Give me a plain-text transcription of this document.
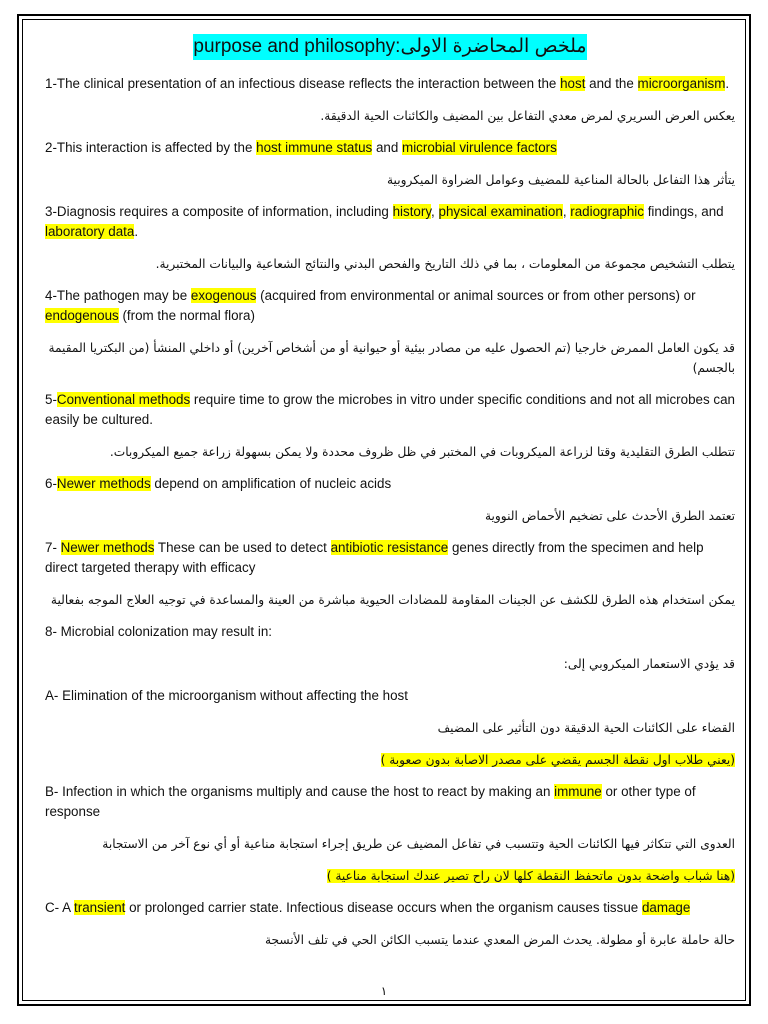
purpose and philosophy:ملخص المحاضرة الاولى

1-The clinical presentation of an infectious disease reflects the interaction between the host and the microorganism.

يعكس العرض السريري لمرض معدي التفاعل بين المضيف والكائنات الحية الدقيقة.

2-This interaction is affected by the host immune status and microbial virulence factors

يتأثر هذا التفاعل بالحالة المناعية للمضيف وعوامل الضراوة الميكروبية

3-Diagnosis requires a composite of information, including history, physical examination, radiographic findings, and laboratory data.

يتطلب التشخيص مجموعة من المعلومات ، بما في ذلك التاريخ والفحص البدني والنتائج الشعاعية والبيانات المختبرية.

4-The pathogen may be exogenous (acquired from environmental or animal sources or from other persons) or endogenous (from the normal flora)

قد يكون العامل الممرض خارجيا (تم الحصول عليه من مصادر بيئية أو حيوانية أو من أشخاص آخرين) أو داخلي المنشأ (من البكتريا المقيمة بالجسم)

5-Conventional methods require time to grow the microbes in vitro under specific conditions and not all microbes can easily be cultured.

تتطلب الطرق التقليدية وقتا لزراعة الميكروبات في المختبر في ظل ظروف محددة ولا يمكن بسهولة زراعة جميع الميكروبات.

6-Newer methods depend on amplification of nucleic acids

تعتمد الطرق الأحدث على تضخيم الأحماض النووية

7- Newer methods These can be used to detect antibiotic resistance genes directly from the specimen and help direct targeted therapy with efficacy

يمكن استخدام هذه الطرق للكشف عن الجينات المقاومة للمضادات الحيوية مباشرة من العينة والمساعدة في توجيه العلاج الموجه بفعالية

8- Microbial colonization may result in:

قد يؤدي الاستعمار الميكروبي إلى:

A- Elimination of the microorganism without affecting the host

القضاء على الكائنات الحية الدقيقة دون التأثير على المضيف

(يعني طلاب اول نقطة الجسم يقضي على مصدر الاصابة بدون صعوبة )

B- Infection in which the organisms multiply and cause the host to react by making an immune or other type of response

العدوى التي تتكاثر فيها الكائنات الحية وتتسبب في تفاعل المضيف عن طريق إجراء استجابة مناعية أو أي نوع آخر من الاستجابة

(هنا شباب واضحة بدون ماتحفظ النقطة كلها لان راح تصير عندك استجابة مناعية )

C- A transient or prolonged carrier state. Infectious disease occurs when the organism causes tissue damage

حالة حاملة عابرة أو مطولة. يحدث المرض المعدي عندما يتسبب الكائن الحي في تلف الأنسجة

١
